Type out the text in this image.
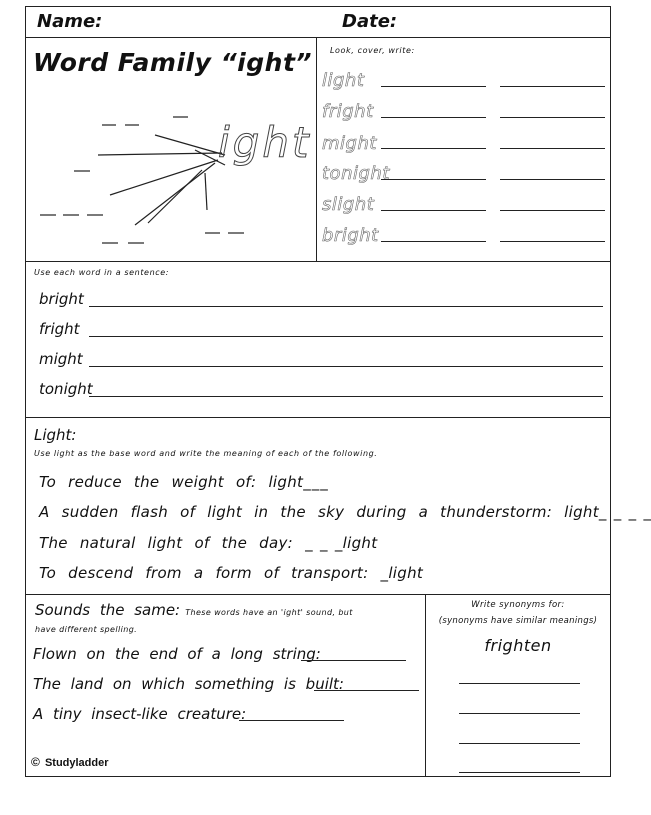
Name:	Date:
Word Family “ight”
ight
Look, cover, write:
light
fright
might
tonight
slight
bright
Use each word in a sentence:
bright
fright
might
tonight
Light:
Use light as the base word and write the meaning of each of the following.
To reduce the weight of: light___
A sudden flash of light in the sky during a thunderstorm: light_ _ _ _
The natural light of the day: _ _ _light
To descend from a form of transport: _light
Sounds the same: These words have an 'ight' sound, but have different spelling.
Flown on the end of a long string:
The land on which something is built:
A tiny insect-like creature:
© Studyladder
Write synonyms for:
(synonyms have similar meanings)
frighten
